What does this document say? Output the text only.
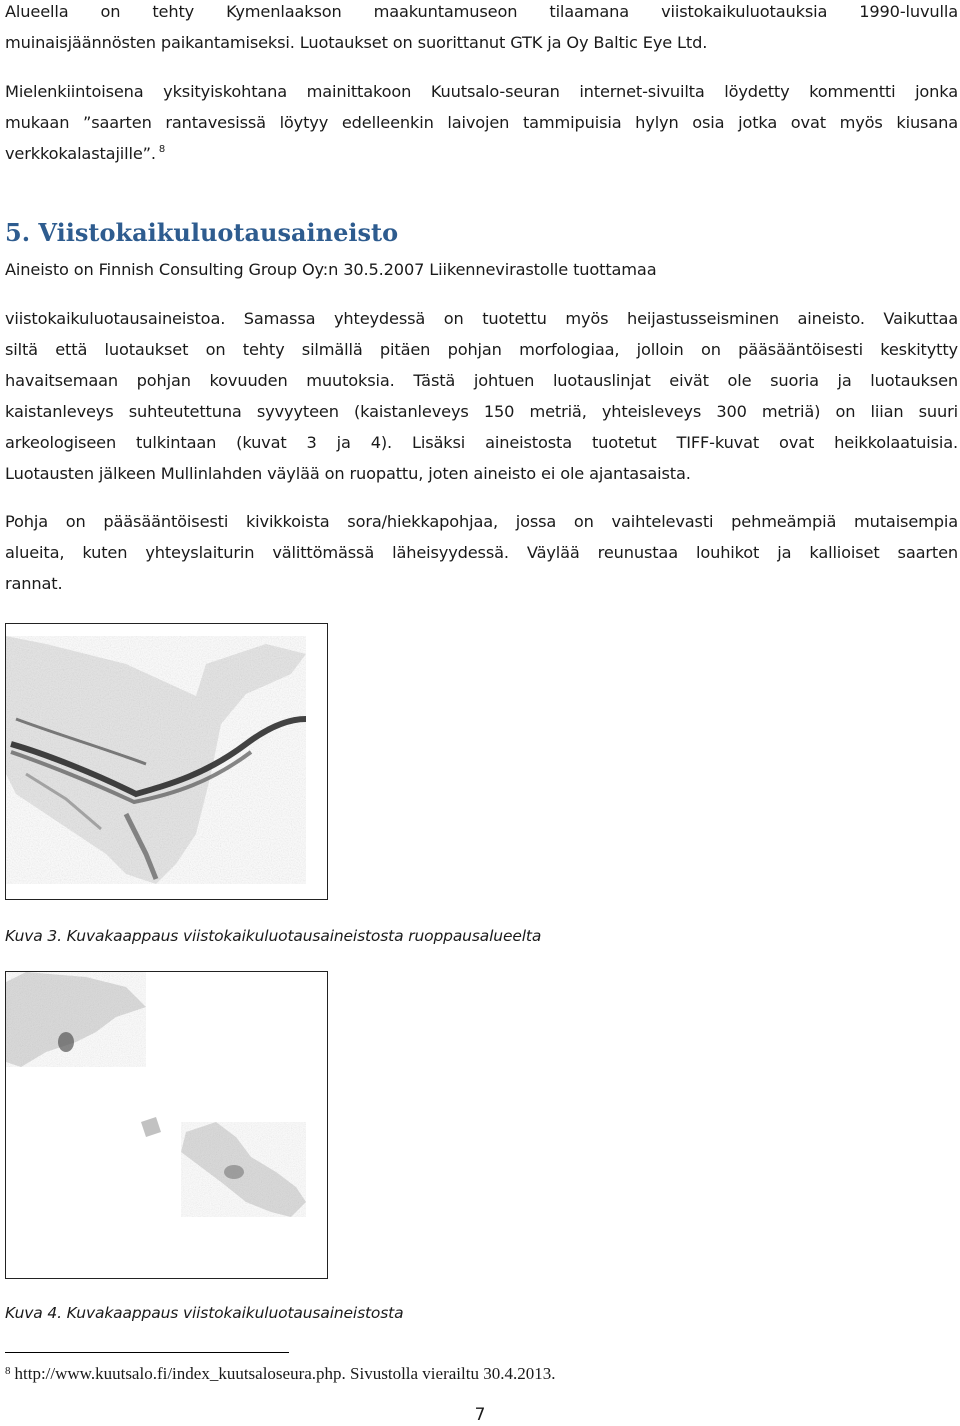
Alueella on tehty Kymenlaakson maakuntamuseon tilaamana viistokaikuluotauksia 1990-luvulla
muinaisjäännösten paikantamiseksi. Luotaukset on suorittanut GTK ja Oy Baltic Eye Ltd.
Mielenkiintoisena yksityiskohtana mainittakoon Kuutsalo-seuran internet-sivuilta löydetty kommentti jonka
mukaan ”saarten rantavesissä löytyy edelleenkin laivojen tammipuisia hylyn osia jotka ovat myös kiusana
verkkokalastajille”. $^8$
5. Viistokaikuluotausaineisto
Aineisto on Finnish Consulting Group Oy:n 30.5.2007 Liikennevirastolle tuottamaa
viistokaikuluotausaineistoa. Samassa yhteydessä on tuotettu myös heijastusseisminen aineisto. Vaikuttaa
siltä että luotaukset on tehty silmällä pitäen pohjan morfologiaa, jolloin on pääsääntöisesti keskitytty
havaitsemaan pohjan kovuuden muutoksia. Tästä johtuen luotauslinjat eivät ole suoria ja luotauksen
kaistanleveys suhteutettuna syvyyteen (kaistanleveys 150 metriä, yhteisleveys 300 metriä) on liian suuri
arkeologiseen tulkintaan (kuvat 3 ja 4). Lisäksi aineistosta tuotetut TIFF-kuvat ovat heikkolaatuisia.
Luotausten jälkeen Mullinlahden väylää on ruopattu, joten aineisto ei ole ajantasaista.
Pohja on pääsääntöisesti kivikkoista sora/hiekkapohjaa, jossa on vaihtelevasti pehmeämpiä mutaisempia
alueita, kuten yhteyslaiturin välittömässä läheisyydessä. Väylää reunustaa louhikot ja kallioiset saarten
rannat.
Kuva 3. Kuvakaappaus viistokaikuluotausaineistosta ruoppausalueelta
Kuva 4. Kuvakaappaus viistokaikuluotausaineistosta
$^8$ http://www.kuutsalo.fi/index_kuutsaloseura.php. Sivustolla vierailtu 30.4.2013.
7
